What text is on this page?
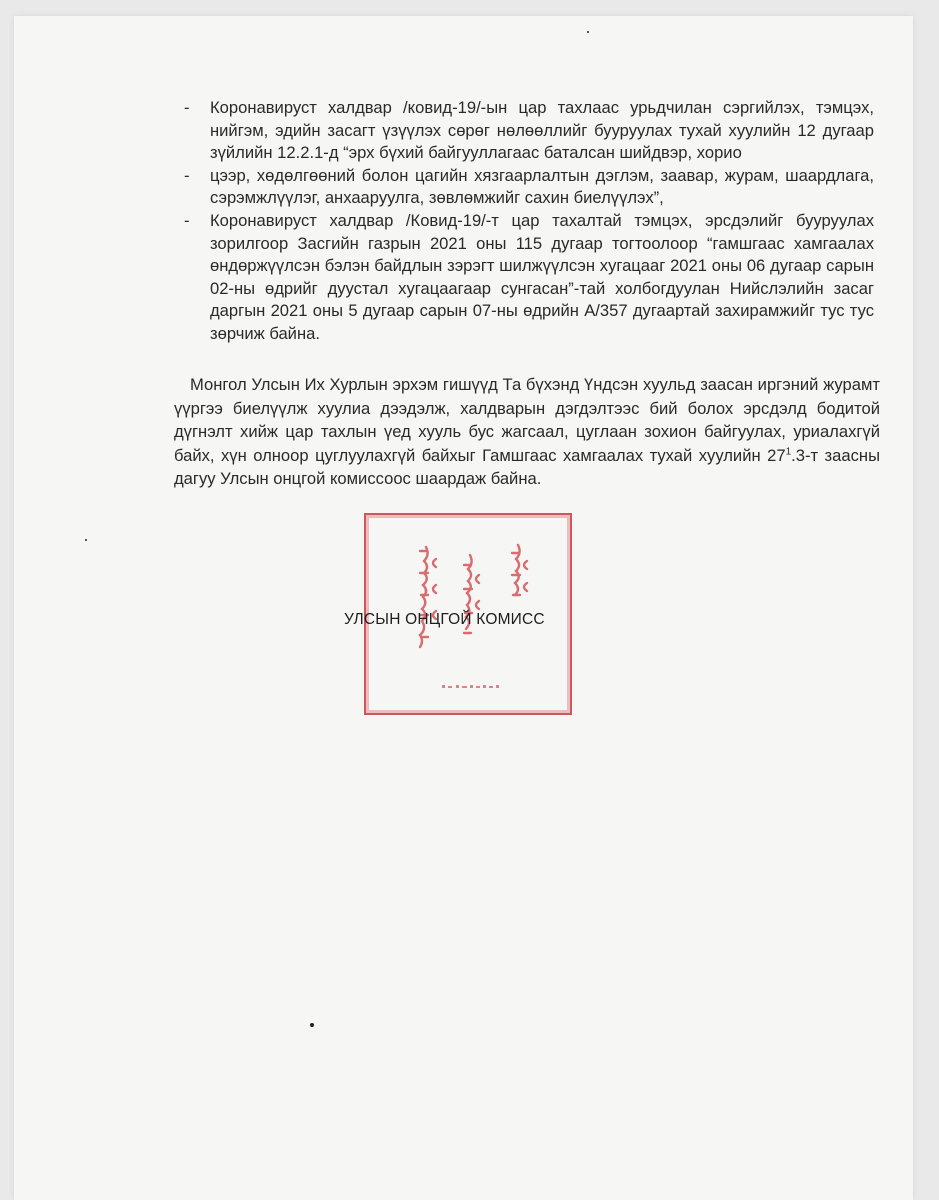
- Коронавируст халдвар /ковид-19/-ын цар тахлаас урьдчилан сэргийлэх, тэмцэх, нийгэм, эдийн засагт үзүүлэх сөрөг нөлөөллийг бууруулах тухай хуулийн 12 дугаар зүйлийн 12.2.1-д “эрх бүхий байгууллагаас баталсан шийдвэр, хорио
- цээр, хөдөлгөөний болон цагийн хязгаарлалтын дэглэм, заавар, журам, шаардлага, сэрэмжлүүлэг, анхааруулга, зөвлөмжийг сахин биелүүлэх”,
- Коронавируст халдвар /Ковид-19/-т цар тахалтай тэмцэх, эрсдэлийг бууруулах зорилгоор Засгийн газрын 2021 оны 115 дугаар тогтоолоор “гамшгаас хамгаалах өндөржүүлсэн бэлэн байдлын зэрэгт шилжүүлсэн хугацааг 2021 оны 06 дугаар сарын 02-ны өдрийг дуустал хугацаагаар сунгасан”-тай холбогдуулан Нийслэлийн засаг даргын 2021 оны 5 дугаар сарын 07-ны өдрийн А/357 дугаартай захирамжийг тус тус зөрчиж байна.
Монгол Улсын Их Хурлын эрхэм гишүүд Та бүхэнд Үндсэн хуульд заасан иргэний журамт үүргээ биелүүлж хуулиа дээдэлж, халдварын дэгдэлтээс бий болох эрсдэлд бодитой дүгнэлт хийж цар тахлын үед хууль бус жагсаал, цуглаан зохион байгуулах, уриалахгүй байх, хүн олноор цуглуулахгүй байхыг Гамшгаас хамгаалах тухай хуулийн $27^1.3-т$ заасны дагуу Улсын онцгой комиссоос шаардаж байна.
УЛСЫН ОНЦГОЙ КОМИСС
